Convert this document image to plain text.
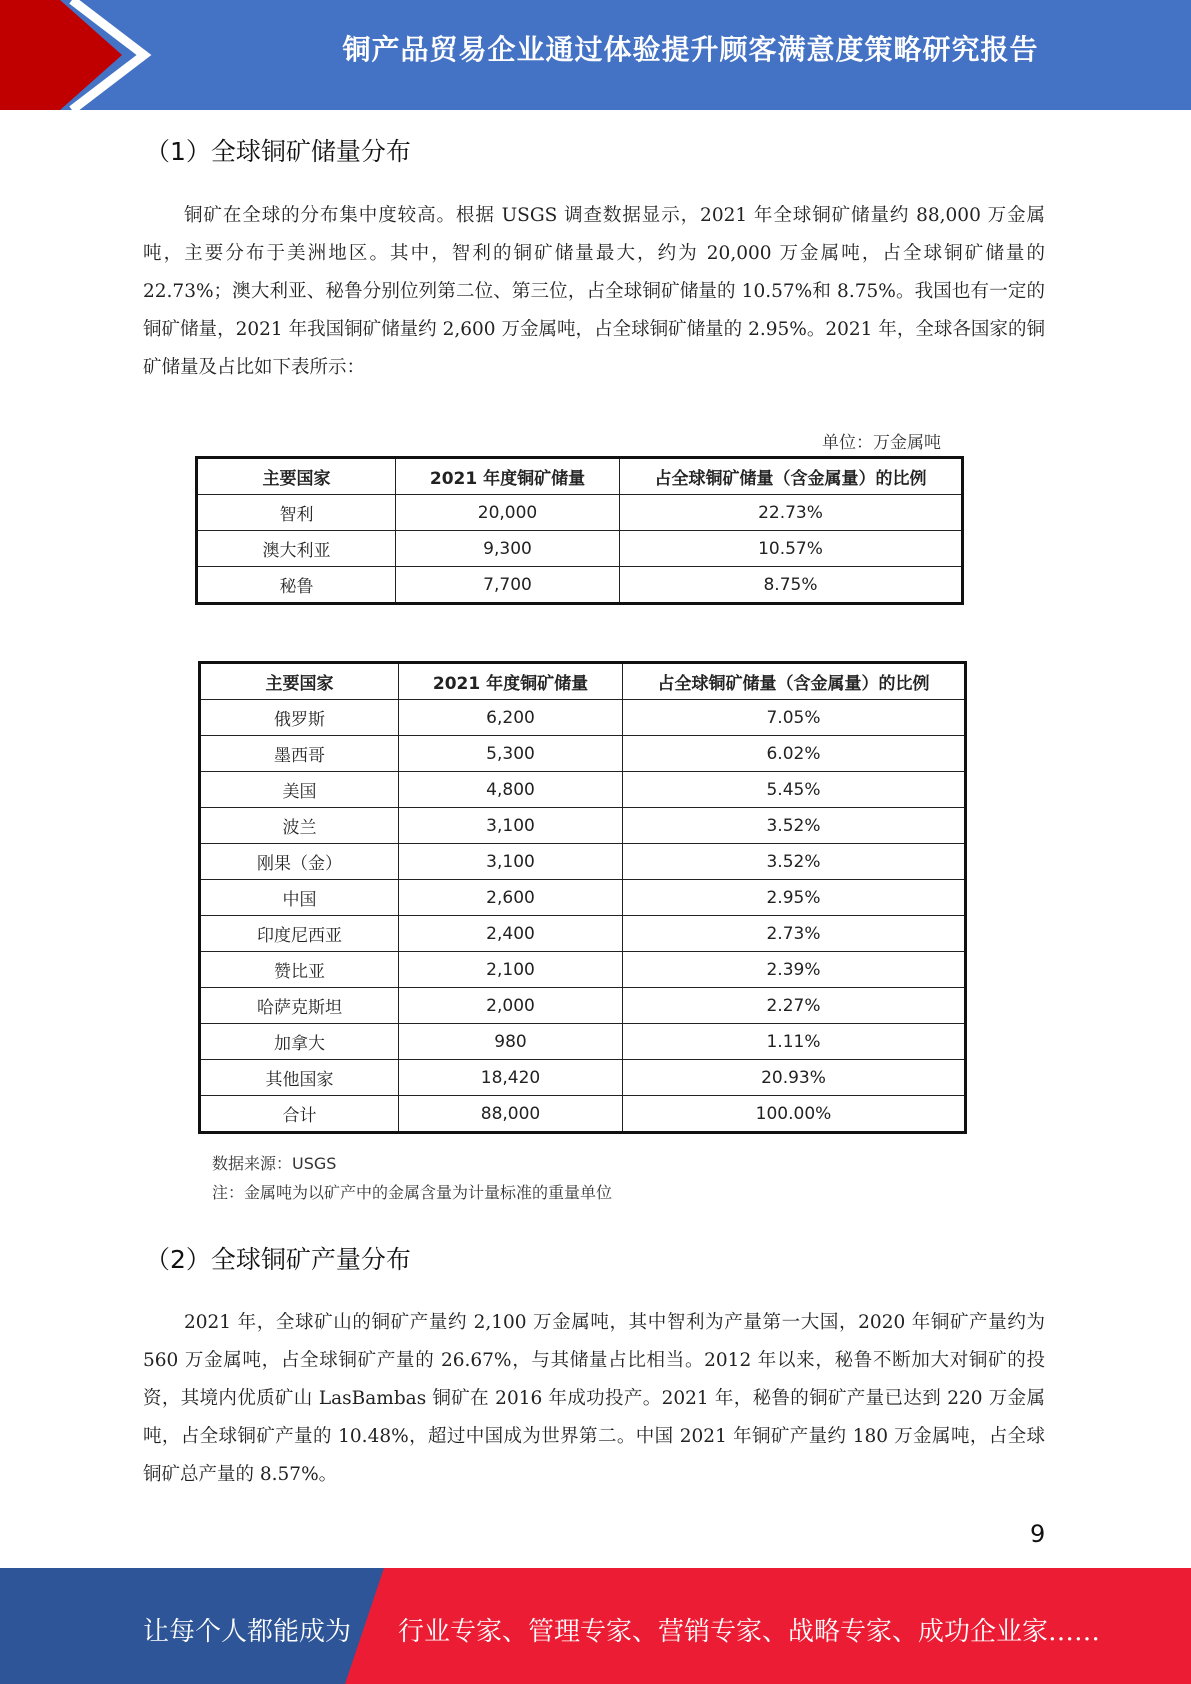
铜产品贸易企业通过体验提升顾客满意度策略研究报告
（1）全球铜矿储量分布
铜矿在全球的分布集中度较高。根据 USGS 调查数据显示，2021 年全球铜矿储量约 88,000 万金属吨，主要分布于美洲地区。其中，智利的铜矿储量最大，约为 20,000 万金属吨，占全球铜矿储量的 22.73%；澳大利亚、秘鲁分别位列第二位、第三位，占全球铜矿储量的 10.57%和 8.75%。我国也有一定的铜矿储量，2021 年我国铜矿储量约 2,600 万金属吨，占全球铜矿储量的 2.95%。2021 年，全球各国家的铜矿储量及占比如下表所示：
单位：万金属吨
主要国家	2021 年度铜矿储量	占全球铜矿储量（含金属量）的比例
智利	20,000	22.73%
澳大利亚	9,300	10.57%
秘鲁	7,700	8.75%
主要国家	2021 年度铜矿储量	占全球铜矿储量（含金属量）的比例
俄罗斯	6,200	7.05%
墨西哥	5,300	6.02%
美国	4,800	5.45%
波兰	3,100	3.52%
刚果（金）	3,100	3.52%
中国	2,600	2.95%
印度尼西亚	2,400	2.73%
赞比亚	2,100	2.39%
哈萨克斯坦	2,000	2.27%
加拿大	980	1.11%
其他国家	18,420	20.93%
合计	88,000	100.00%
数据来源：USGS
注：金属吨为以矿产中的金属含量为计量标准的重量单位
（2）全球铜矿产量分布
2021 年，全球矿山的铜矿产量约 2,100 万金属吨，其中智利为产量第一大国，2020 年铜矿产量约为 560 万金属吨，占全球铜矿产量的 26.67%，与其储量占比相当。2012 年以来，秘鲁不断加大对铜矿的投资，其境内优质矿山 LasBambas 铜矿在 2016 年成功投产。2021 年，秘鲁的铜矿产量已达到 220 万金属吨，占全球铜矿产量的 10.48%，超过中国成为世界第二。中国 2021 年铜矿产量约 180 万金属吨，占全球铜矿总产量的 8.57%。
9
让每个人都能成为 行业专家、管理专家、营销专家、战略专家、成功企业家……
